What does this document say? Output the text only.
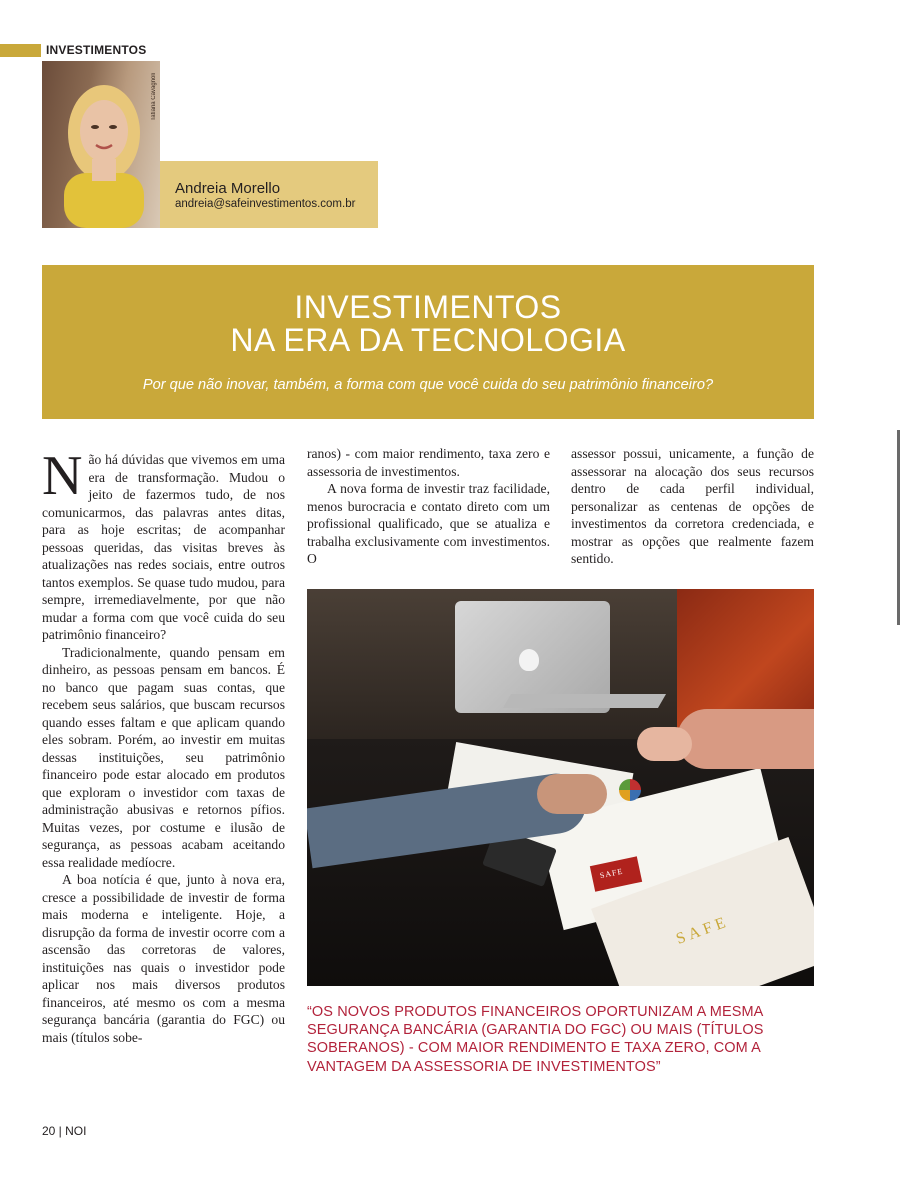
INVESTIMENTOS
Tatiana Cavagnoli
Andreia Morello
andreia@safeinvestimentos.com.br
INVESTIMENTOS
NA ERA DA TECNOLOGIA
Por que não inovar, também, a forma com que você cuida do seu patrimônio financeiro?

Não há dúvidas que vivemos em uma era de transformação. Mudou o jeito de fazermos tudo, de nos comunicarmos, das palavras antes ditas, para as hoje escritas; de acompanhar pessoas queridas, das visitas breves às atualizações nas redes sociais, entre outros tantos exemplos. Se quase tudo mudou, para sempre, irremediavelmente, por que não mudar a forma com que você cuida do seu patrimônio financeiro?

Tradicionalmente, quando pensam em dinheiro, as pessoas pensam em bancos. É no banco que pagam suas contas, que recebem seus salários, que buscam recursos quando esses faltam e que aplicam quando eles sobram. Porém, ao investir em muitas dessas instituições, seu patrimônio financeiro pode estar alocado em produtos que exploram o investidor com taxas de administração abusivas e retornos pífios. Muitas vezes, por costume e ilusão de segurança, as pessoas acabam aceitando essa realidade medíocre.

A boa notícia é que, junto à nova era, cresce a possibilidade de investir de forma mais moderna e inteligente. Hoje, a disrupção da forma de investir ocorre com a ascensão das corretoras de valores, instituições nas quais o investidor pode aplicar nos mais diversos produtos financeiros, até mesmo os com a mesma segurança bancária (garantia do FGC) ou mais (títulos sobe-

ranos) - com maior rendimento, taxa zero e assessoria de investimentos.

A nova forma de investir traz facilidade, menos burocracia e contato direto com um profissional qualificado, que se atualiza e trabalha exclusivamente com investimentos. O

assessor possui, unicamente, a função de assessorar na alocação dos seus recursos dentro de cada perfil individual, personalizar as centenas de opções de investimentos da corretora credenciada, e mostrar as opções que realmente fazem sentido.

SAFE
SAFE
“OS NOVOS PRODUTOS FINANCEIROS OPORTUNIZAM A MESMA SEGURANÇA BANCÁRIA (GARANTIA DO FGC) OU MAIS (TÍTULOS SOBERANOS) - COM MAIOR RENDIMENTO E TAXA ZERO, COM A VANTAGEM DA ASSESSORIA DE INVESTIMENTOS”
20 | NOI
